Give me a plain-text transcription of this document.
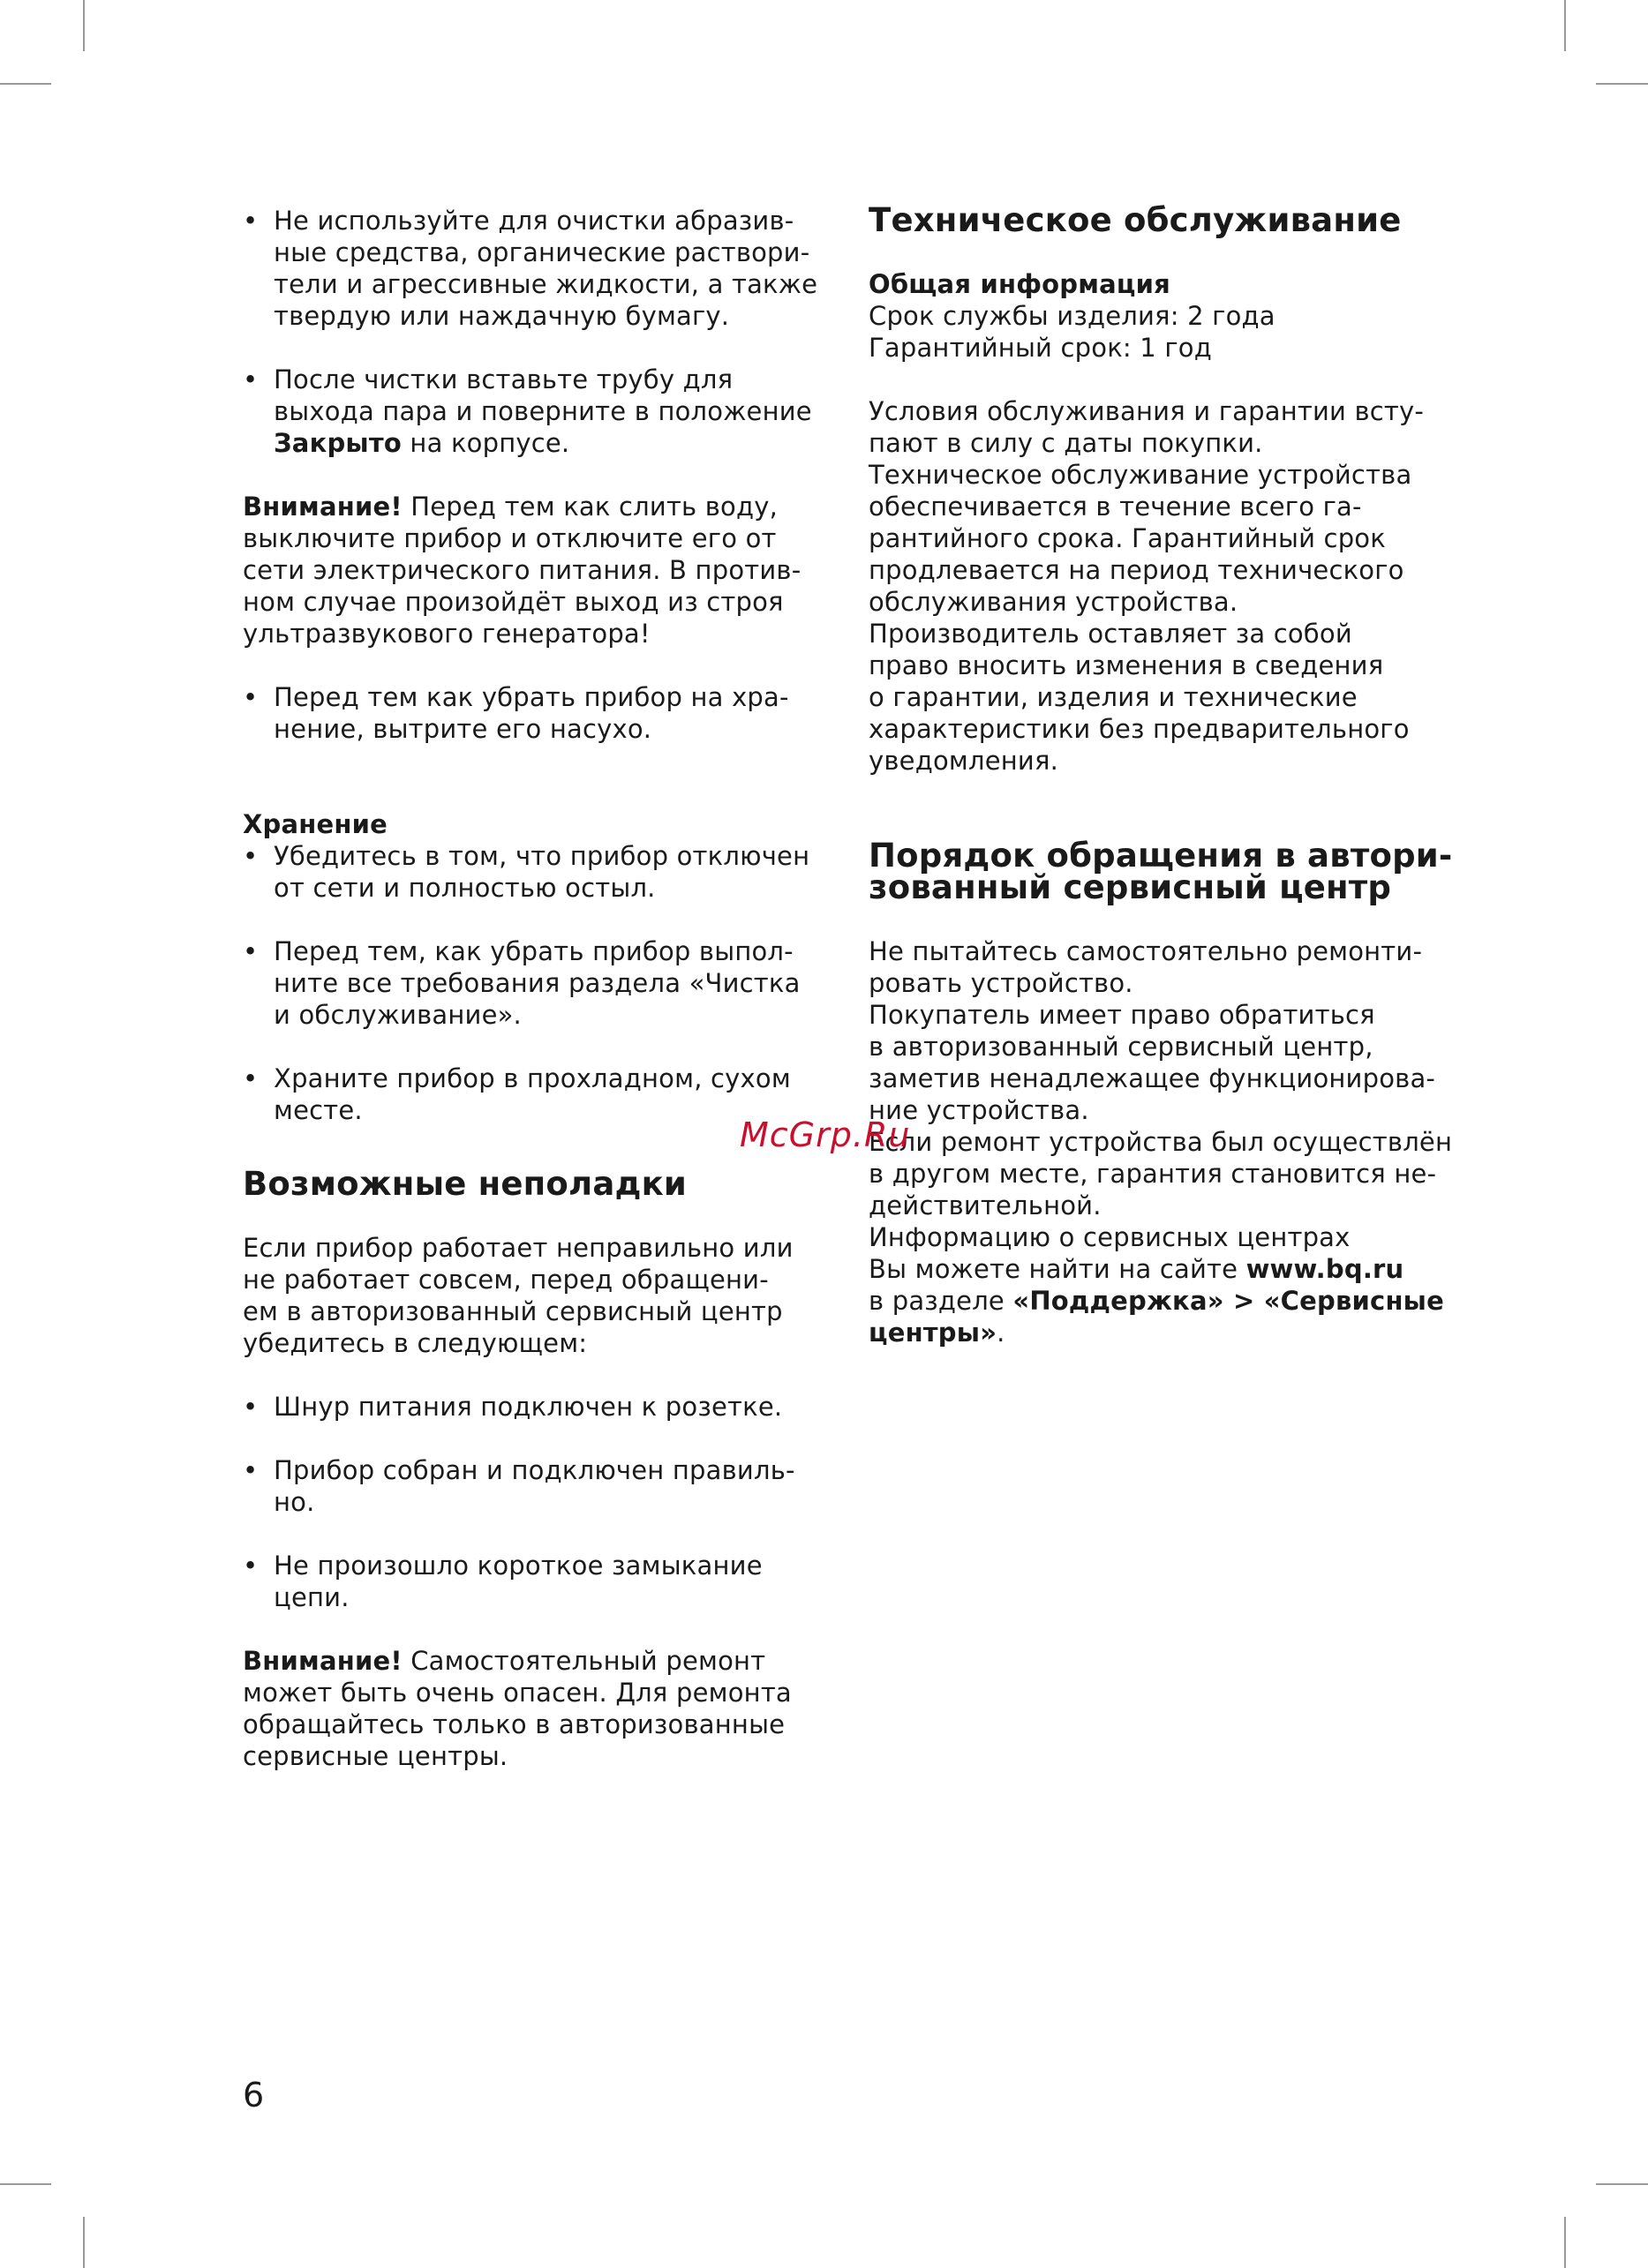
• Не используйте для очистки абразив-
ные средства, органические раствори-
тели и агрессивные жидкости, а также
твердую или наждачную бумагу.
• После чистки вставьте трубу для
выхода пара и поверните в положение
Закрыто на корпусе.

Внимание! Перед тем как слить воду,
выключите прибор и отключите его от
сети электрического питания. В против-
ном случае произойдёт выход из строя
ультразвукового генератора!

• Перед тем как убрать прибор на хра-
нение, вытрите его насухо.

Хранение

• Убедитесь в том, что прибор отключен
от сети и полностью остыл.
• Перед тем, как убрать прибор выпол-
ните все требования раздела «Чистка
и обслуживание».
• Храните прибор в прохладном, сухом
месте.

Возможные неполадки

Если прибор работает неправильно или
не работает совсем, перед обращени-
ем в авторизованный сервисный центр
убедитесь в следующем:

• Шнур питания подключен к розетке.
• Прибор собран и подключен правиль-
но.
• Не произошло короткое замыкание
цепи.

Внимание! Самостоятельный ремонт
может быть очень опасен. Для ремонта
обращайтесь только в авторизованные
сервисные центры.

Техническое обслуживание

Общая информация

Срок службы изделия: 2 года
Гарантийный срок: 1 год

Условия обслуживания и гарантии всту-
пают в силу с даты покупки.
Техническое обслуживание устройства
обеспечивается в течение всего га-
рантийного срока. Гарантийный срок
продлевается на период технического
обслуживания устройства.
Производитель оставляет за собой
право вносить изменения в сведения
о гарантии, изделия и технические
характеристики без предварительного
уведомления.

Порядок обращения в автори-
зованный сервисный центр

Не пытайтесь самостоятельно ремонти-
ровать устройство.
Покупатель имеет право обратиться
в авторизованный сервисный центр,
заметив ненадлежащее функционирова-
ние устройства.
Если ремонт устройства был осуществлён
в другом месте, гарантия становится не-
действительной.
Информацию о сервисных центрах
Вы можете найти на сайте www.bq.ru
в разделе «Поддержка» > «Сервисные
центры».

McGrp.Ru
6
